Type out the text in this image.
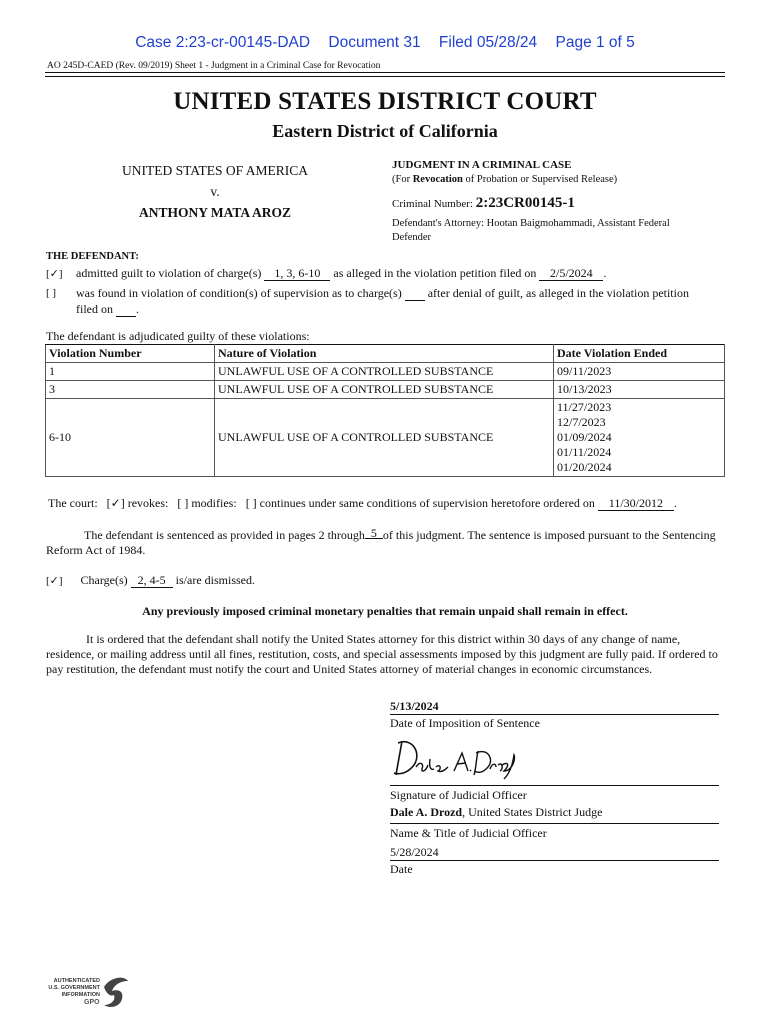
Case 2:23-cr-00145-DAD Document 31 Filed 05/28/24 Page 1 of 5
AO 245D-CAED (Rev. 09/2019) Sheet 1 - Judgment in a Criminal Case for Revocation
UNITED STATES DISTRICT COURT
Eastern District of California
UNITED STATES OF AMERICA
v.
ANTHONY MATA AROZ
JUDGMENT IN A CRIMINAL CASE
(For Revocation of Probation or Supervised Release)
Criminal Number: 2:23CR00145-1
Defendant's Attorney: Hootan Baigmohammadi, Assistant Federal Defender
THE DEFENDANT:
[✓] admitted guilt to violation of charge(s) 1, 3, 6-10 as alleged in the violation petition filed on 2/5/2024 .
[ ] was found in violation of condition(s) of supervision as to charge(s) after denial of guilt, as alleged in the violation petition
filed on .
The defendant is adjudicated guilty of these violations:
Violation Number	Nature of Violation	Date Violation Ended
1	UNLAWFUL USE OF A CONTROLLED SUBSTANCE	09/11/2023
3	UNLAWFUL USE OF A CONTROLLED SUBSTANCE	10/13/2023
6-10	UNLAWFUL USE OF A CONTROLLED SUBSTANCE	11/27/2023
12/7/2023
01/09/2024
01/11/2024
01/20/2024
The court: [✓] revokes: [ ] modifies: [ ] continues under same conditions of supervision heretofore ordered on 11/30/2012 .
The defendant is sentenced as provided in pages 2 through 5 of this judgment. The sentence is imposed pursuant to the Sentencing Reform Act of 1984.
[✓] Charge(s) 2, 4-5 is/are dismissed.
Any previously imposed criminal monetary penalties that remain unpaid shall remain in effect.
It is ordered that the defendant shall notify the United States attorney for this district within 30 days of any change of name, residence, or mailing address until all fines, restitution, costs, and special assessments imposed by this judgment are fully paid. If ordered to pay restitution, the defendant must notify the court and United States attorney of material changes in economic circumstances.
5/13/2024
Date of Imposition of Sentence
Signature of Judicial Officer
Dale A. Drozd, United States District Judge
Name & Title of Judicial Officer
5/28/2024
Date
AUTHENTICATED
U.S. GOVERNMENT
INFORMATION
GPO
